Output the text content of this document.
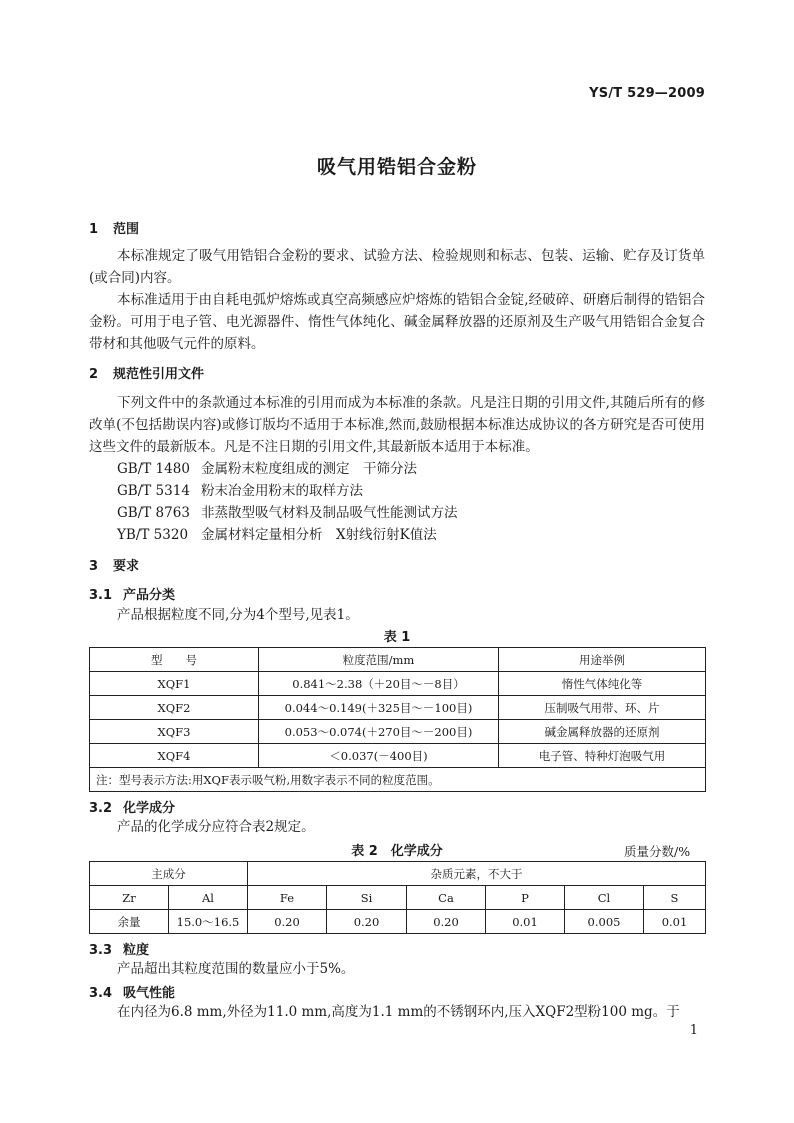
YS/T 529—2009
吸气用锆铝合金粉
1 范围
本标准规定了吸气用锆铝合金粉的要求、试验方法、检验规则和标志、包装、运输、贮存及订货单(或合同)内容。
本标准适用于由自耗电弧炉熔炼或真空高频感应炉熔炼的锆铝合金锭,经破碎、研磨后制得的锆铝合金粉。可用于电子管、电光源器件、惰性气体纯化、碱金属释放器的还原剂及生产吸气用锆铝合金复合带材和其他吸气元件的原料。
2 规范性引用文件
下列文件中的条款通过本标准的引用而成为本标准的条款。凡是注日期的引用文件,其随后所有的修改单(不包括勘误内容)或修订版均不适用于本标准,然而,鼓励根据本标准达成协议的各方研究是否可使用这些文件的最新版本。凡是不注日期的引用文件,其最新版本适用于本标准。
GB/T 1480 金属粉末粒度组成的测定　干筛分法
GB/T 5314 粉末冶金用粉末的取样方法
GB/T 8763 非蒸散型吸气材料及制品吸气性能测试方法
YB/T 5320 金属材料定量相分析　X射线衍射K值法
3 要求
3.1 产品分类
产品根据粒度不同,分为4个型号,见表1。
表 1
型　　号	粒度范围/mm	用途举例
XQF1	0.841～2.38（＋20目～－8目）	惰性气体纯化等
XQF2	0.044～0.149(＋325目～－100目)	压制吸气用带、环、片
XQF3	0.053～0.074(＋270目～－200目)	碱金属释放器的还原剂
XQF4	＜0.037(－400目)	电子管、特种灯泡吸气用
注：型号表示方法:用XQF表示吸气粉,用数字表示不同的粒度范围。		
3.2 化学成分
产品的化学成分应符合表2规定。
表 2　化学成分	质量分数/%
主成分		杂质元素，不大于					
Zr	Al	Fe	Si	Ca	P	Cl	S
余量	15.0～16.5	0.20	0.20	0.20	0.01	0.005	0.01
3.3 粒度
产品超出其粒度范围的数量应小于5%。
3.4 吸气性能
在内径为6.8 mm,外径为11.0 mm,高度为1.1 mm的不锈钢环内,压入XQF2型粉100 mg。于
1
